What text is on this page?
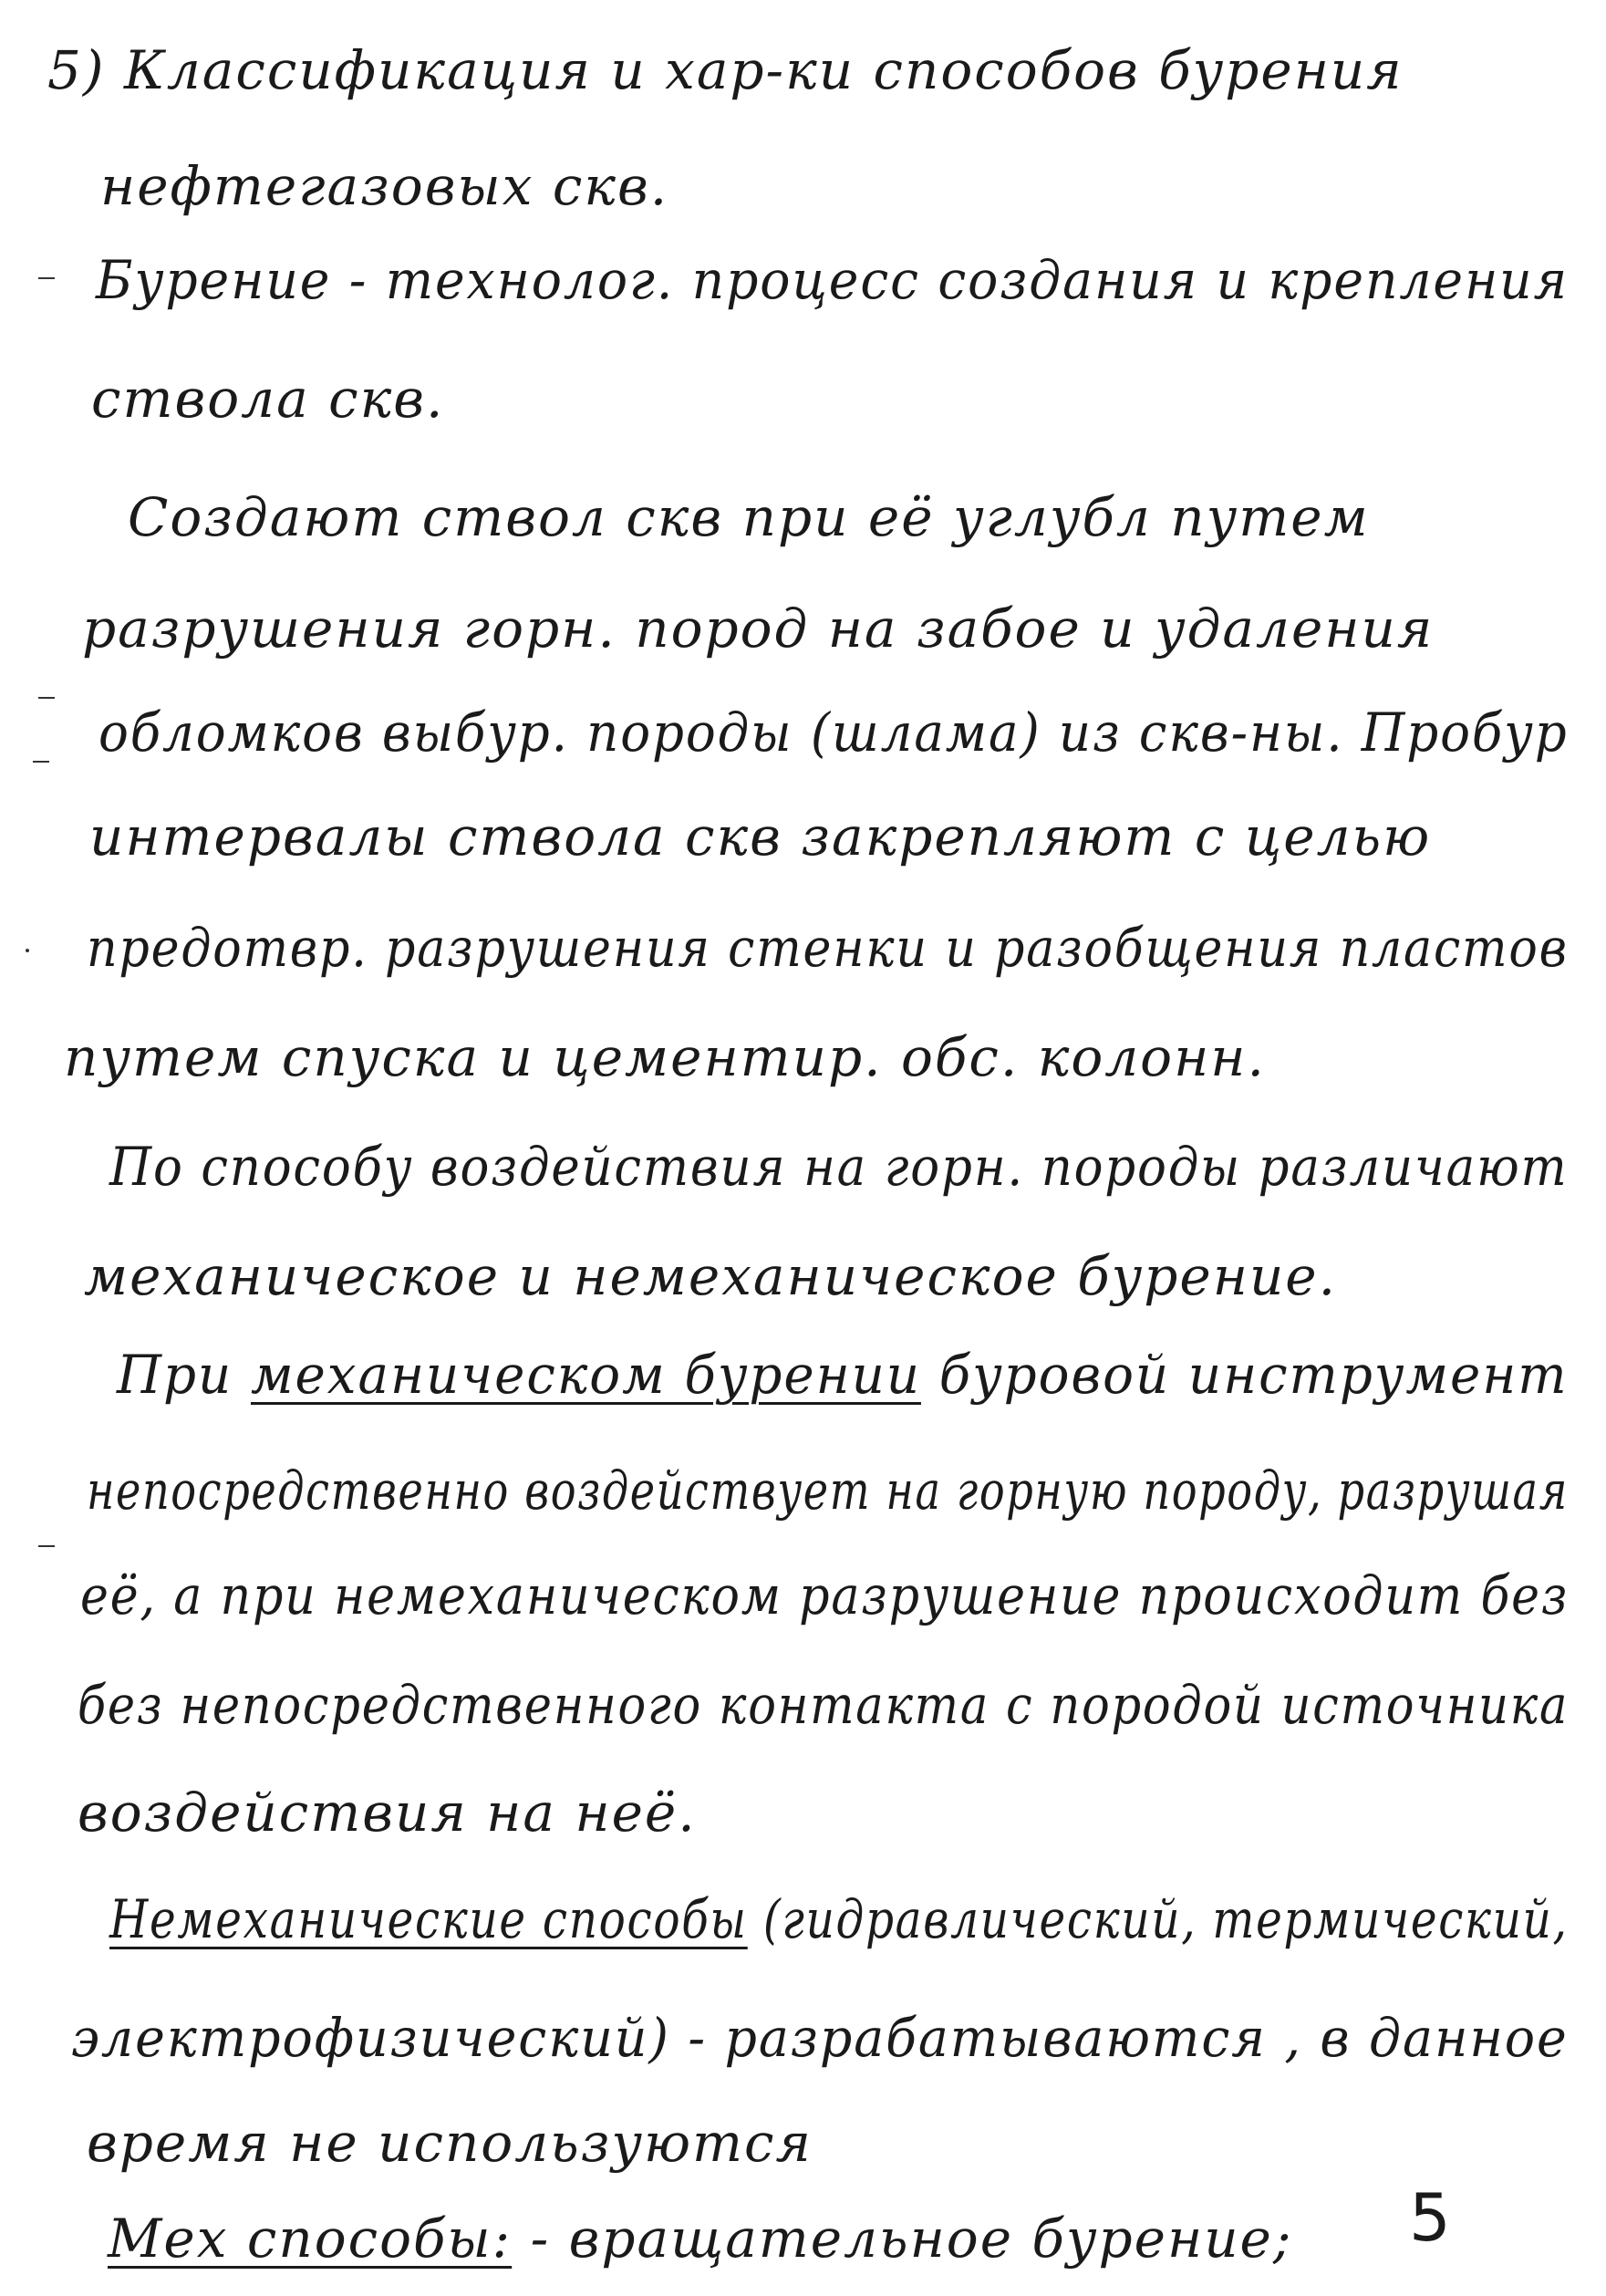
5) Классификация и хар-ки способов бурения
нефтегазовых скв.
Бурение - технолог. процесс создания и крепления
ствола скв.
Создают ствол скв при её углубл путем
разрушения горн. пород на забое и удаления
обломков выбур. породы (шлама) из скв-ны. Пробур
интервалы ствола скв закрепляют с целью
предотвр. разрушения стенки и разобщения пластов
путем спуска и цементир. обс. колонн.
По способу воздействия на горн. породы различают
механическое и немеханическое бурение.
При механическом бурении буровой инструмент
непосредственно воздействует на горную породу, разрушая
её, а при немеханическом разрушение происходит без
без непосредственного контакта с породой источника
воздействия на неё.
Немеханические способы (гидравлический, термический,
электрофизический) - разрабатываются , в данное
время не используются
Мех способы: - вращательное бурение; 5
